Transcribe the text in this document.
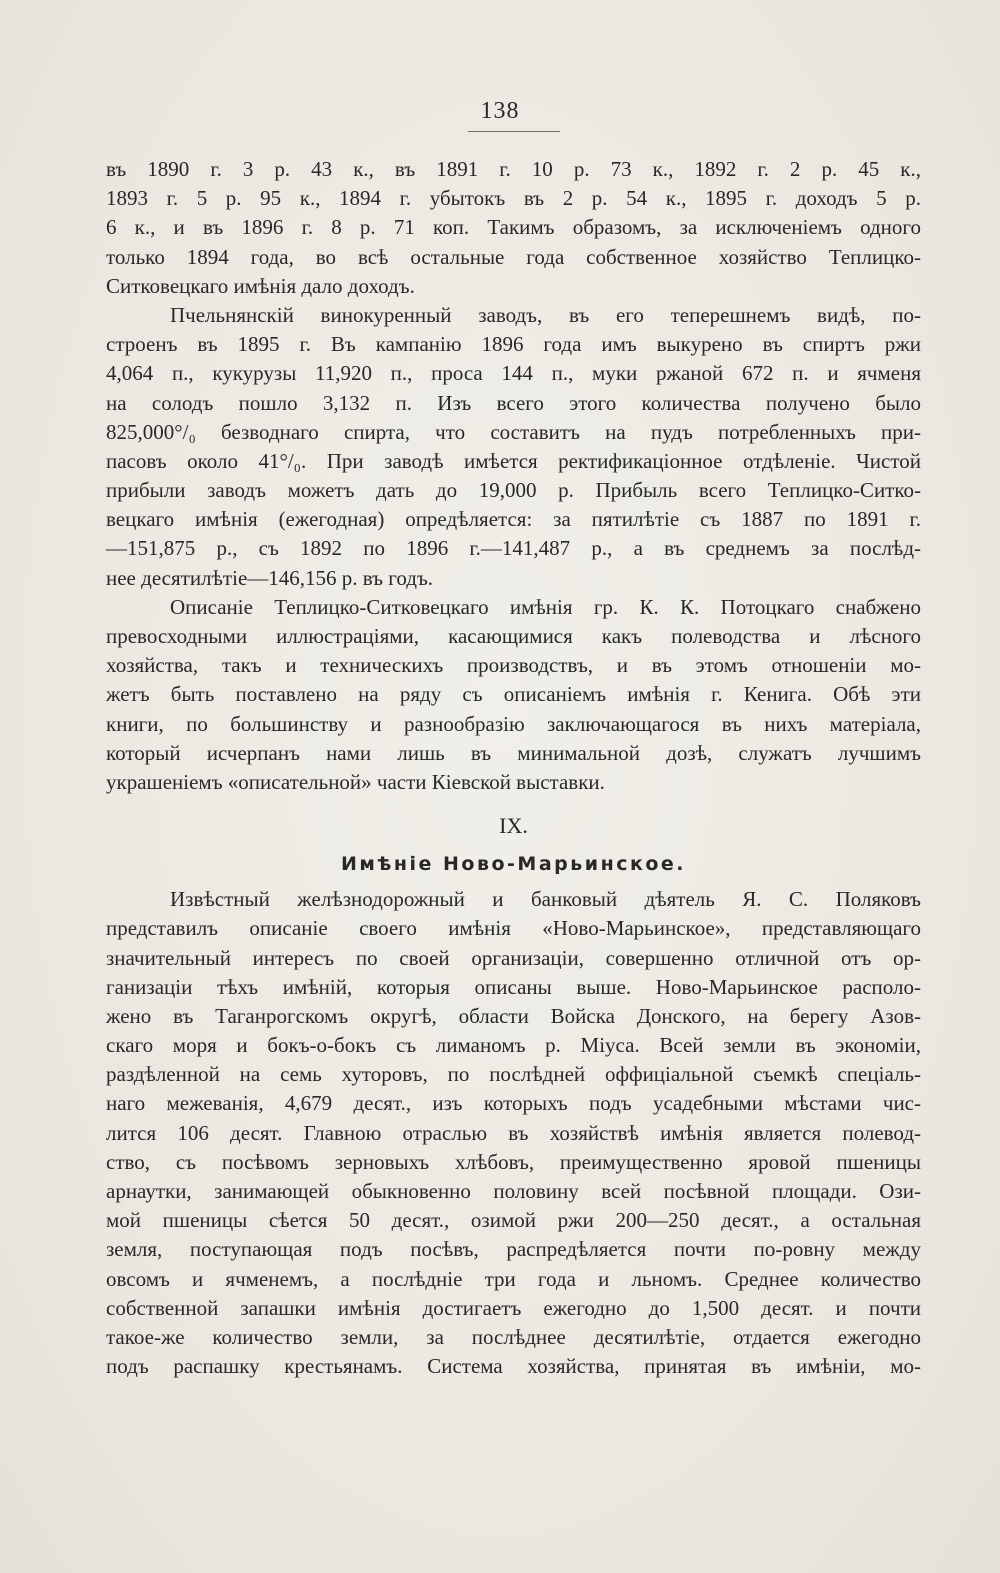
138
въ 1890 г. 3 р. 43 к., въ 1891 г. 10 р. 73 к., 1892 г. 2 р. 45 к.,
1893 г. 5 р. 95 к., 1894 г. убытокъ въ 2 р. 54 к., 1895 г. доходъ 5 р.
6 к., и въ 1896 г. 8 р. 71 коп. Такимъ образомъ, за исключеніемъ одного
только 1894 года, во всѣ остальные года собственное хозяйство Теплицко-
Ситковецкаго имѣнія дало доходъ.
Пчельнянскій винокуренный заводъ, въ его теперешнемъ видѣ, по-
строенъ въ 1895 г. Въ кампанію 1896 года имъ выкурено въ спиртъ ржи
4,064 п., кукурузы 11,920 п., проса 144 п., муки ржаной 672 п. и ячменя
на солодъ пошло 3,132 п. Изъ всего этого количества получено было
825,000°/₀ безводнаго спирта, что составитъ на пудъ потребленныхъ при-
пасовъ около 41°/₀. При заводѣ имѣется ректификаціонное отдѣленіе. Чистой
прибыли заводъ можетъ дать до 19,000 р. Прибыль всего Теплицко-Ситко-
вецкаго имѣнія (ежегодная) опредѣляется: за пятилѣтіе съ 1887 по 1891 г.
—151,875 р., съ 1892 по 1896 г.—141,487 р., а въ среднемъ за послѣд-
нее десятилѣтіе—146,156 р. въ годъ.
Описаніе Теплицко-Ситковецкаго имѣнія гр. К. К. Потоцкаго снабжено
превосходными иллюстраціями, касающимися какъ полеводства и лѣсного
хозяйства, такъ и техническихъ производствъ, и въ этомъ отношеніи мо-
жетъ быть поставлено на ряду съ описаніемъ имѣнія г. Кенига. Обѣ эти
книги, по большинству и разнообразію заключающагося въ нихъ матеріала,
который исчерпанъ нами лишь въ минимальной дозѣ, служатъ лучшимъ
украшеніемъ «описательной» части Кіевской выставки.
IX.
Имѣніе Ново-Марьинское.
Извѣстный желѣзнодорожный и банковый дѣятель Я. С. Поляковъ
представилъ описаніе своего имѣнія «Ново-Марьинское», представляющаго
значительный интересъ по своей организаціи, совершенно отличной отъ ор-
ганизаціи тѣхъ имѣній, которыя описаны выше. Ново-Марьинское располо-
жено въ Таганрогскомъ округѣ, области Войска Донского, на берегу Азов-
скаго моря и бокъ-о-бокъ съ лиманомъ р. Міуса. Всей земли въ экономіи,
раздѣленной на семь хуторовъ, по послѣдней оффиціальной съемкѣ спеціаль-
наго межеванія, 4,679 десят., изъ которыхъ подъ усадебными мѣстами чис-
лится 106 десят. Главною отраслью въ хозяйствѣ имѣнія является полевод-
ство, съ посѣвомъ зерновыхъ хлѣбовъ, преимущественно яровой пшеницы
арнаутки, занимающей обыкновенно половину всей посѣвной площади. Ози-
мой пшеницы сѣется 50 десят., озимой ржи 200—250 десят., а остальная
земля, поступающая подъ посѣвъ, распредѣляется почти по-ровну между
овсомъ и ячменемъ, а послѣдніе три года и льномъ. Среднее количество
собственной запашки имѣнія достигаетъ ежегодно до 1,500 десят. и почти
такое-же количество земли, за послѣднее десятилѣтіе, отдается ежегодно
подъ распашку крестьянамъ. Система хозяйства, принятая въ имѣніи, мо-
